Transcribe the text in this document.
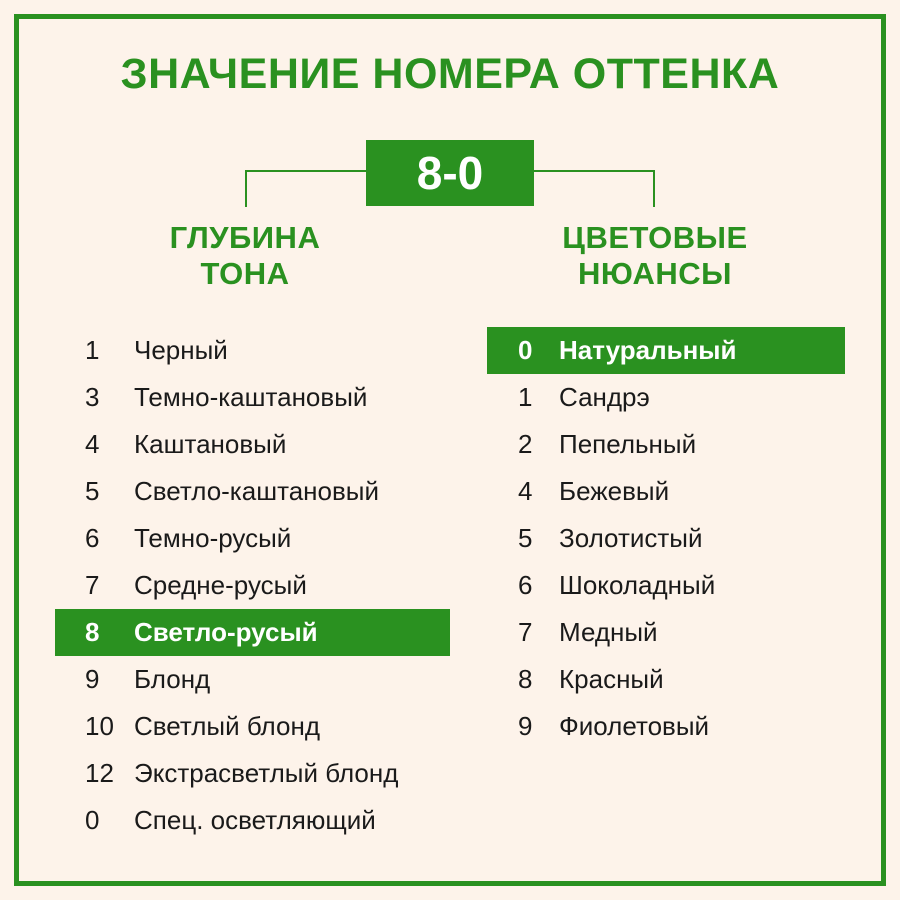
ЗНАЧЕНИЕ НОМЕРА ОТТЕНКА
8-0
ГЛУБИНА
ТОНА
ЦВЕТОВЫЕ
НЮАНСЫ
1 Черный
3 Темно-каштановый
4 Каштановый
5 Светло-каштановый
6 Темно-русый
7 Средне-русый
8 Светло-русый
9 Блонд
10 Светлый блонд
12 Экстрасветлый блонд
0 Спец. осветляющий
0 Натуральный
1 Сандрэ
2 Пепельный
4 Бежевый
5 Золотистый
6 Шоколадный
7 Медный
8 Красный
9 Фиолетовый
